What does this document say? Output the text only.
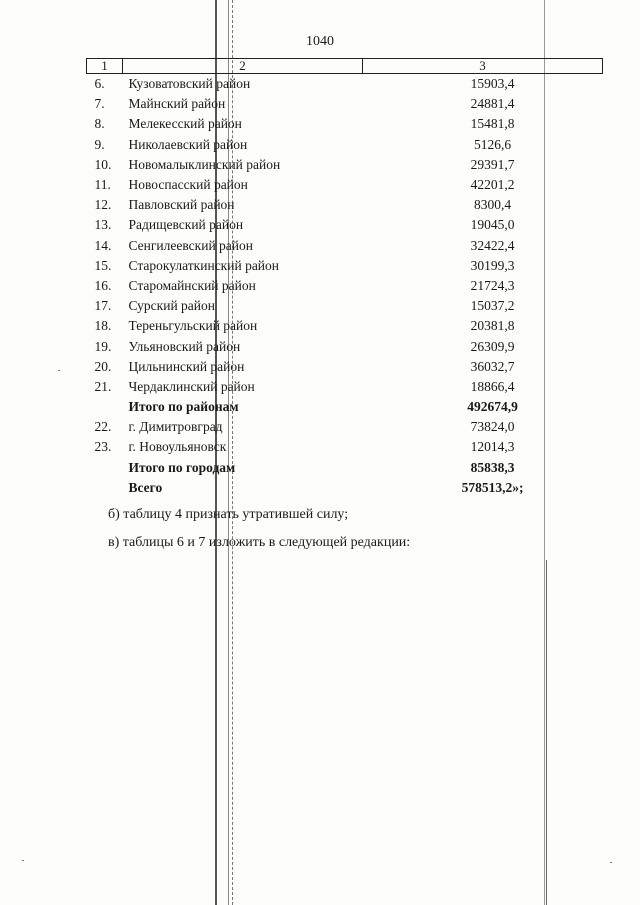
1040
1	2	3
6.	Кузоватовский район	15903,4
7.	Майнский район	24881,4
8.	Мелекесский район	15481,8
9.	Николаевский район	5126,6
10.	Новомалыклинский район	29391,7
11.	Новоспасский район	42201,2
12.	Павловский район	8300,4
13.	Радищевский район	19045,0
14.	Сенгилеевский район	32422,4
15.	Старокулаткинский район	30199,3
16.	Старомайнский район	21724,3
17.	Сурский район	15037,2
18.	Тереньгульский район	20381,8
19.	Ульяновский район	26309,9
20.	Цильнинский район	36032,7
21.	Чердаклинский район	18866,4
	Итого по районам	492674,9
22.	г. Димитровград	73824,0
23.	г. Новоульяновск	12014,3
	Итого по городам	85838,3
	Всего	578513,2»;
б) таблицу 4 признать утратившей силу;
в) таблицы 6 и 7 изложить в следующей редакции:
